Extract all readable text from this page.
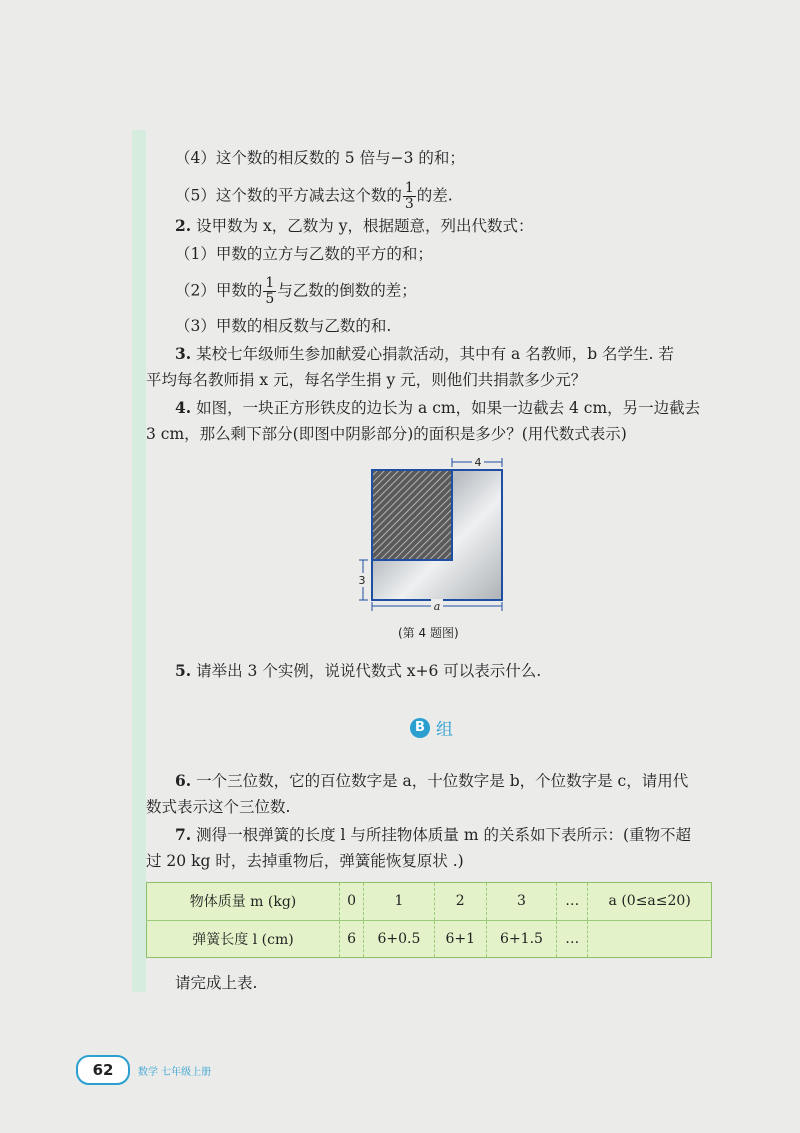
（4）这个数的相反数的 5 倍与−3 的和；
（5）这个数的平方减去这个数的 $\frac{1}{3}$ 的差.
2. 设甲数为 x，乙数为 y，根据题意，列出代数式：
（1）甲数的立方与乙数的平方的和；
（2）甲数的 $\frac{1}{5}$ 与乙数的倒数的差；
（3）甲数的相反数与乙数的和.
3. 某校七年级师生参加献爱心捐款活动，其中有 a 名教师，b 名学生. 若
平均每名教师捐 x 元，每名学生捐 y 元，则他们共捐款多少元？
4. 如图，一块正方形铁皮的边长为 a cm，如果一边截去 4 cm，另一边截去
3 cm，那么剩下部分(即图中阴影部分)的面积是多少？(用代数式表示)
4
3
a
(第 4 题图)
5. 请举出 3 个实例，说说代数式 x+6 可以表示什么.
B 组
6. 一个三位数，它的百位数字是 a，十位数字是 b，个位数字是 c，请用代
数式表示这个三位数.
7. 测得一根弹簧的长度 l 与所挂物体质量 m 的关系如下表所示：(重物不超
过 20 kg 时，去掉重物后，弹簧能恢复原状 .)
物体质量 m (kg)	0	1	2	3	…	a (0≤a≤20)
弹簧长度 l (cm)	6	6+0.5	6+1	6+1.5	…	
请完成上表.
62	数学 七年级上册
